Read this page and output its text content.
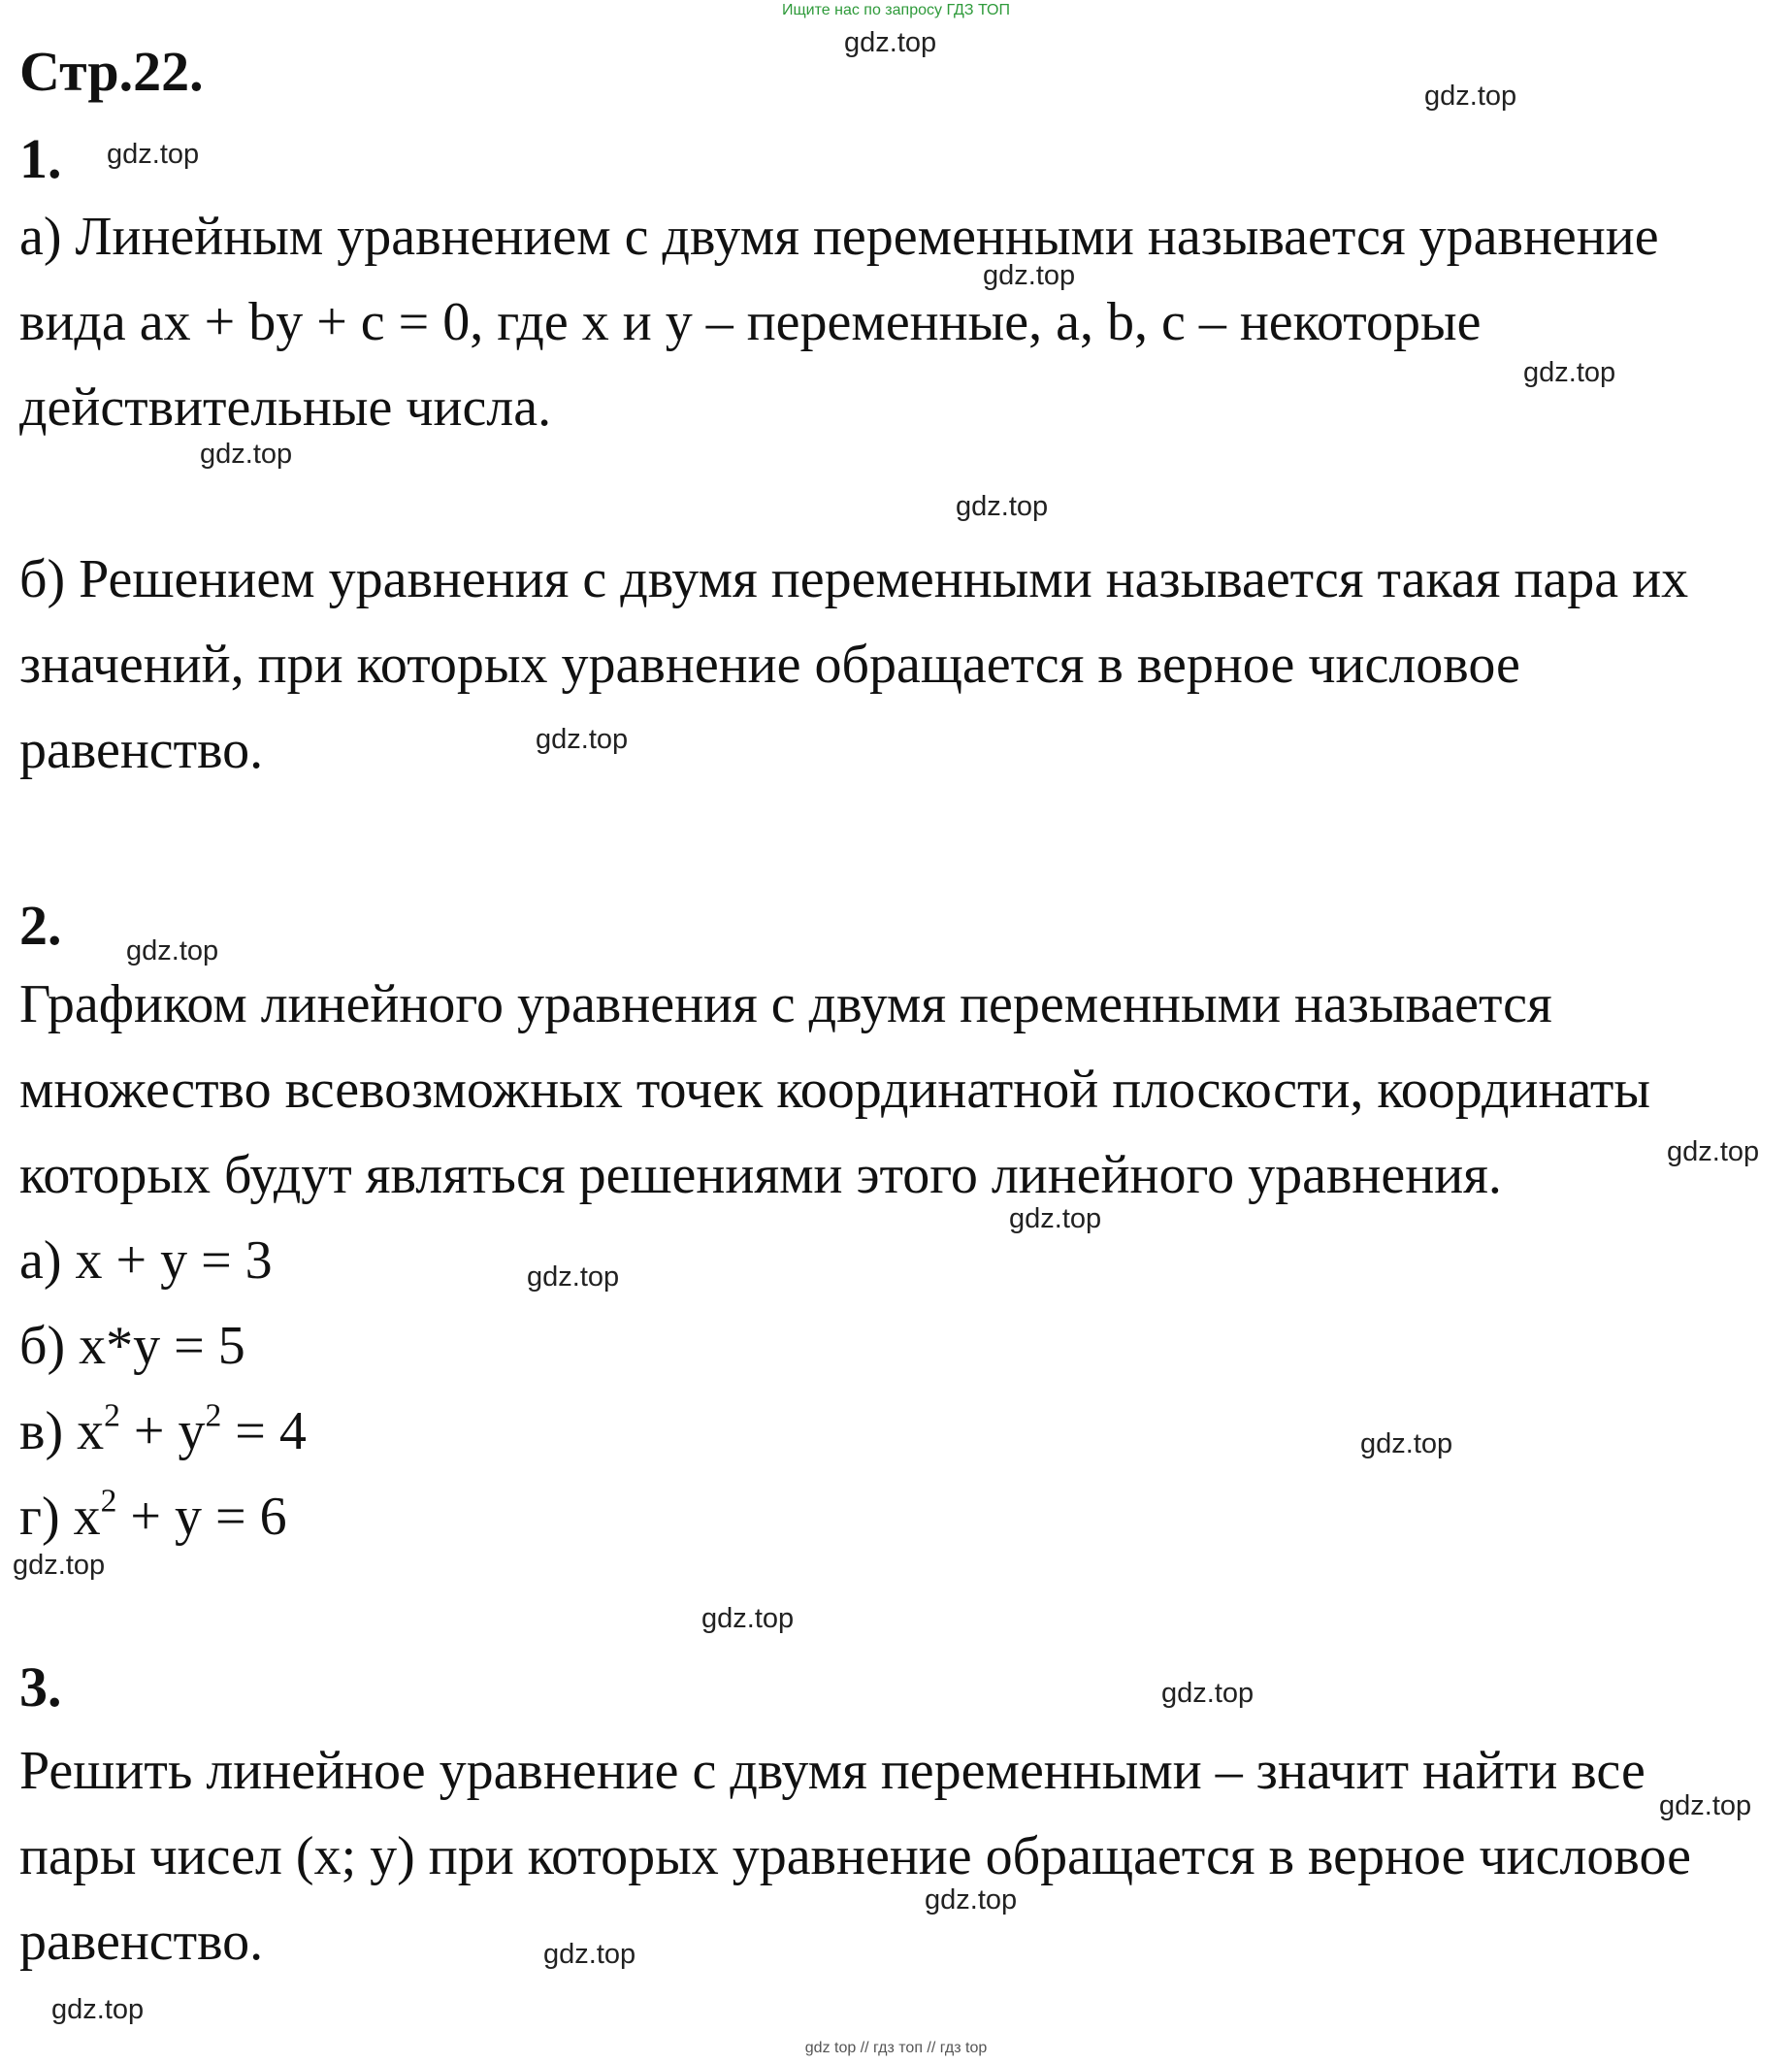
Ищите нас по запросу ГДЗ ТОП
Стр.22.
1.
а) Линейным уравнением с двумя переменными называется уравнение
вида ax + by + c = 0, где x и y – переменные, a, b, c – некоторые
действительные числа.
б) Решением уравнения с двумя переменными называется такая пара их
значений, при которых уравнение обращается в верное числовое
равенство.
2.
Графиком линейного уравнения с двумя переменными называется
множество всевозможных точек координатной плоскости, координаты
которых будут являться решениями этого линейного уравнения.
а) x + y = 3
б) x*y = 5
в) $x^2 + y^2 = 4$
г) $x^2 + y = 6$
3.
Решить линейное уравнение с двумя переменными – значит найти все
пары чисел (x; y) при которых уравнение обращается в верное числовое
равенство.
gdz.top
gdz.top
gdz.top
gdz.top
gdz.top
gdz.top
gdz.top
gdz.top
gdz.top
gdz.top
gdz.top
gdz.top
gdz.top
gdz.top
gdz.top
gdz.top
gdz.top
gdz.top
gdz.top
gdz.top
gdz top // гдз топ // гдз top
